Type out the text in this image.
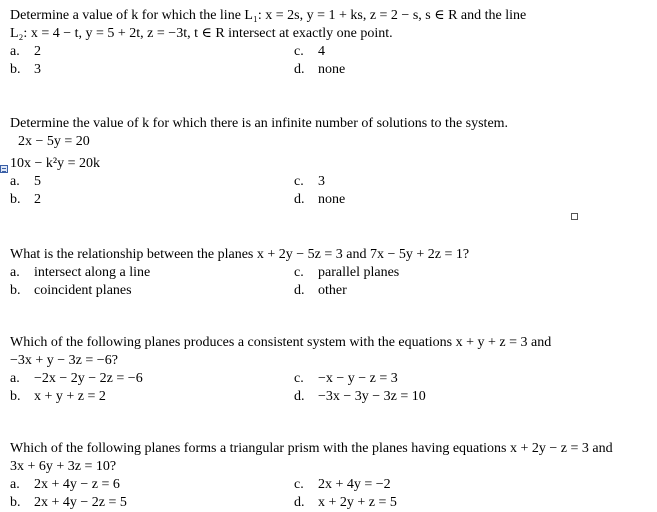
Determine a value of k for which the line L₁: x = 2s, y = 1 + ks, z = 2 − s, s ∈ R and the line
L₂: x = 4 − t, y = 5 + 2t, z = −3t, t ∈ R intersect at exactly one point.
a. 2	c. 4
b. 3	d. none
Determine the value of k for which there is an infinite number of solutions to the system.
2x − 5y = 20
10x − k²y = 20k
a. 5	c. 3
b. 2	d. none
What is the relationship between the planes x + 2y − 5z = 3 and 7x − 5y + 2z = 1?
a. intersect along a line	c. parallel planes
b. coincident planes	d. other
Which of the following planes produces a consistent system with the equations x + y + z = 3 and
−3x + y − 3z = −6?
a. −2x − 2y − 2z = −6	c. −x − y − z = 3
b. x + y + z = 2	d. −3x − 3y − 3z = 10
Which of the following planes forms a triangular prism with the planes having equations x + 2y − z = 3 and
3x + 6y + 3z = 10?
a. 2x + 4y − z = 6	c. 2x + 4y = −2
b. 2x + 4y − 2z = 5	d. x + 2y + z = 5
